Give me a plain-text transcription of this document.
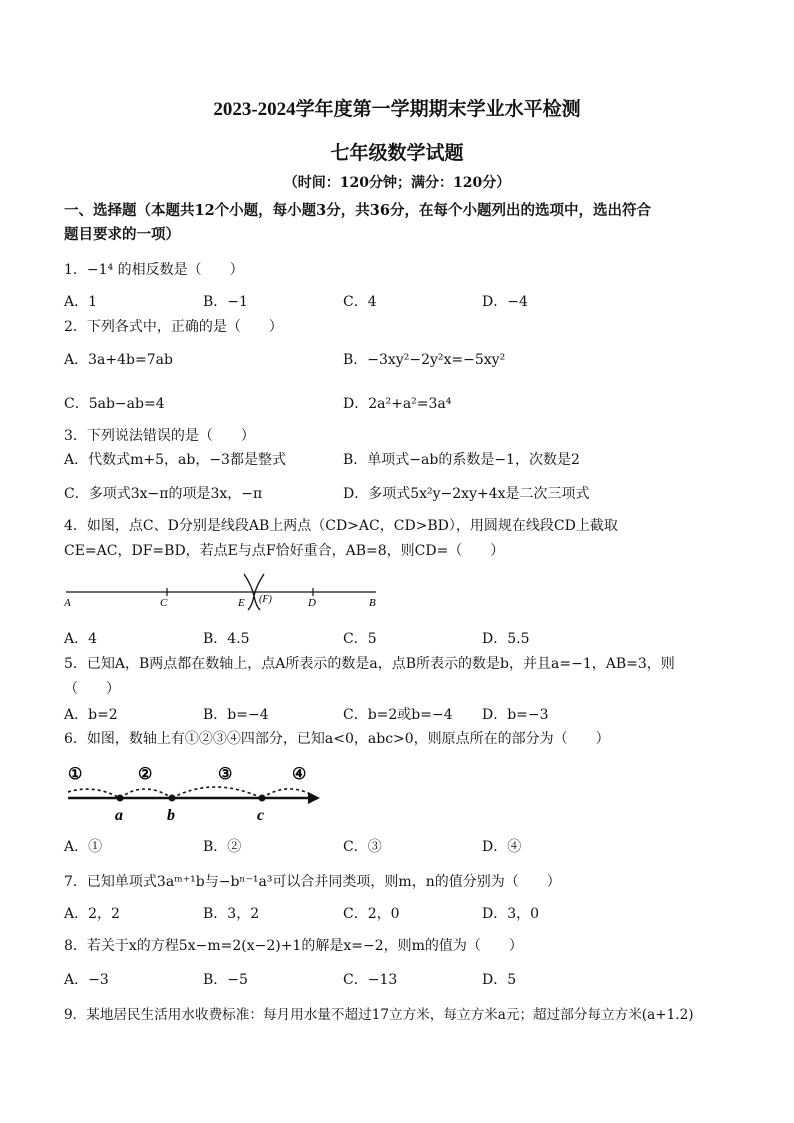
2023-2024学年度第一学期期末学业水平检测
七年级数学试题
（时间：120分钟；满分：120分）
一、选择题（本题共12个小题，每小题3分，共36分，在每个小题列出的选项中，选出符合
题目要求的一项）
1．−1⁴ 的相反数是（　　）
A．1	B．−1	C．4	D．−4
2．下列各式中，正确的是（　　）
A．3a+4b=7ab	B．−3xy²−2y²x=−5xy²
C．5ab−ab=4	D．2a²+a²=3a⁴
3．下列说法错误的是（　　）
A．代数式m+5，ab，−3都是整式	B．单项式−ab的系数是−1，次数是2
C．多项式3x−π的项是3x，−π	D．多项式5x²y−2xy+4x是二次三项式
4．如图，点C、D分别是线段AB上两点（CD>AC，CD>BD），用圆规在线段CD上截取
CE=AC，DF=BD，若点E与点F恰好重合，AB=8，则CD=（　　）
A	C	E (F)	D	B
A．4	B．4.5	C．5	D．5.5
5．已知A，B两点都在数轴上，点A所表示的数是a，点B所表示的数是b，并且a=−1，AB=3，则
（　　）
A．b=2	B．b=−4	C．b=2或b=−4 D．b=−3
6．如图，数轴上有①②③④四部分，已知a<0，abc>0，则原点所在的部分为（　　）
①	②	③	④
a	b	c
A．①	B．②	C．③	D．④
7．已知单项式3aᵐ⁺¹b与−bⁿ⁻¹a³可以合并同类项，则m，n的值分别为（　　）
A．2，2	B．3，2	C．2，0	D．3，0
8．若关于x的方程5x−m=2(x−2)+1的解是x=−2，则m的值为（　　）
A．−3	B．−5	C．−13	D．5
9．某地居民生活用水收费标准：每月用水量不超过17立方米，每立方米a元；超过部分每立方米(a+1.2)
